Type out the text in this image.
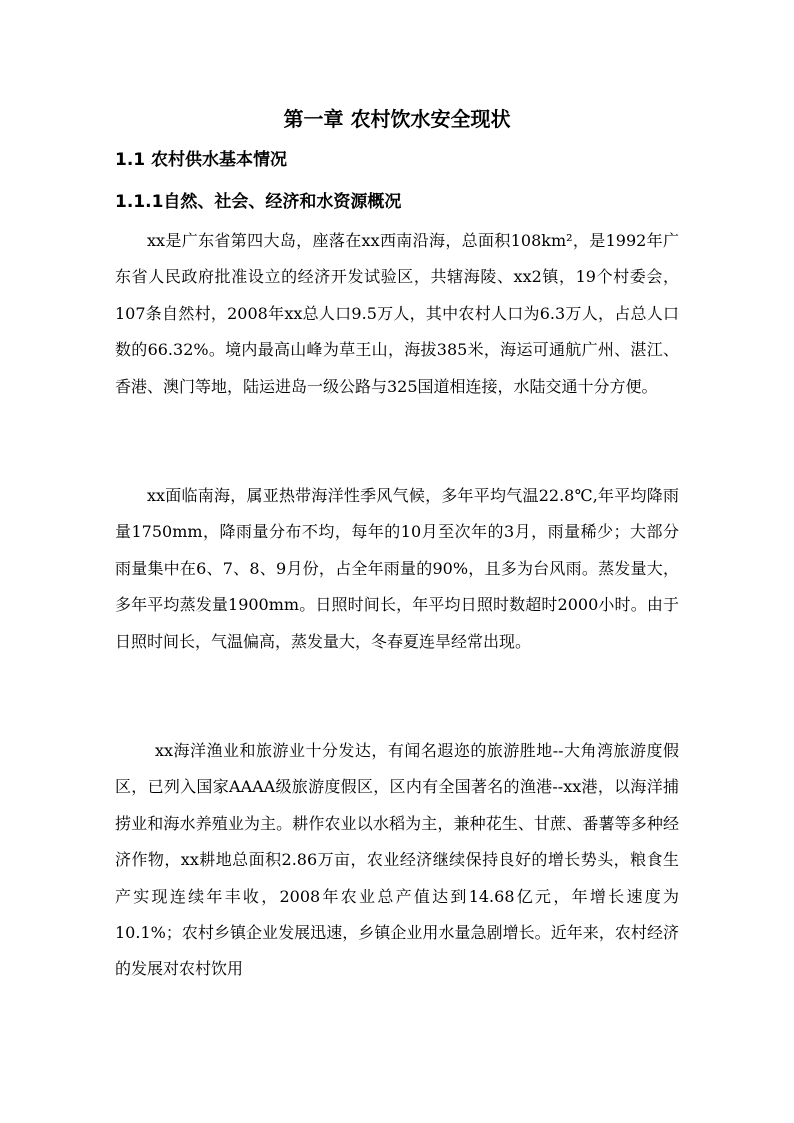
第一章 农村饮水安全现状
1.1 农村供水基本情况
1.1.1自然、社会、经济和水资源概况

xx是广东省第四大岛，座落在xx西南沿海，总面积108km²，是1992年广东省人民政府批准设立的经济开发试验区，共辖海陵、xx2镇，19个村委会，107条自然村，2008年xx总人口9.5万人，其中农村人口为6.3万人，占总人口数的66.32%。境内最高山峰为草王山，海拔385米，海运可通航广州、湛江、香港、澳门等地，陆运进岛一级公路与325国道相连接，水陆交通十分方便。

xx面临南海，属亚热带海洋性季风气候，多年平均气温22.8℃,年平均降雨量1750mm，降雨量分布不均，每年的10月至次年的3月，雨量稀少；大部分雨量集中在6、7、8、9月份，占全年雨量的90%，且多为台风雨。蒸发量大，多年平均蒸发量1900mm。日照时间长，年平均日照时数超时2000小时。由于日照时间长，气温偏高，蒸发量大，冬春夏连旱经常出现。

xx海洋渔业和旅游业十分发达，有闻名遐迩的旅游胜地--大角湾旅游度假区，已列入国家AAAA级旅游度假区，区内有全国著名的渔港--xx港，以海洋捕捞业和海水养殖业为主。耕作农业以水稻为主，兼种花生、甘蔗、番薯等多种经济作物，xx耕地总面积2.86万亩，农业经济继续保持良好的增长势头，粮食生产实现连续年丰收，2008年农业总产值达到14.68亿元，年增长速度为10.1%；农村乡镇企业发展迅速，乡镇企业用水量急剧增长。近年来，农村经济的发展对农村饮用
